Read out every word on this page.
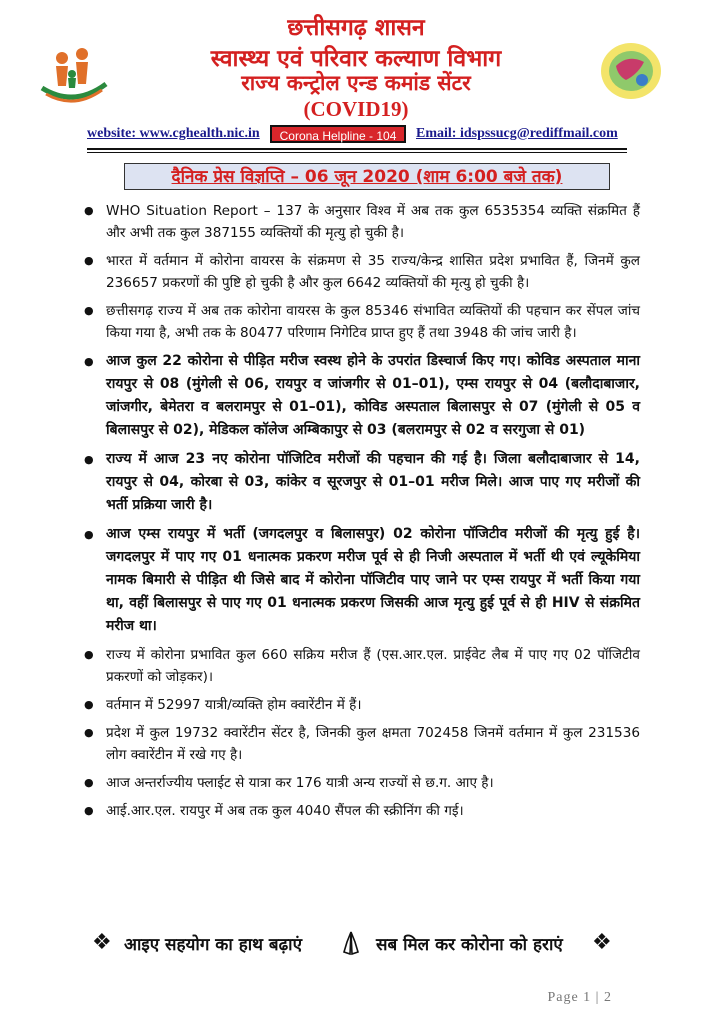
छत्तीसगढ़ शासन
स्वास्थ्य एवं परिवार कल्याण विभाग
राज्य कन्ट्रोल एन्ड कमांड सेंटर
(COVID19)
website: www.cghealth.nic.in	Corona Helpline - 104	Email: idspssucg@rediffmail.com
दैनिक प्रेस विज्ञप्ति – 06 जून 2020 (शाम 6:00 बजे तक)
● WHO Situation Report – 137 के अनुसार विश्व में अब तक कुल 6535354 व्यक्ति संक्रमित हैं और अभी तक कुल 387155 व्यक्तियों की मृत्यु हो चुकी है।
● भारत में वर्तमान में कोरोना वायरस के संक्रमण से 35 राज्य/केन्द्र शासित प्रदेश प्रभावित हैं, जिनमें कुल 236657 प्रकरणों की पुष्टि हो चुकी है और कुल 6642 व्यक्तियों की मृत्यु हो चुकी है।
● छत्तीसगढ़ राज्य में अब तक कोरोना वायरस के कुल 85346 संभावित व्यक्तियों की पहचान कर सेंपल जांच किया गया है, अभी तक के 80477 परिणाम निगेटिव प्राप्त हुए हैं तथा 3948 की जांच जारी है।
● आज कुल 22 कोरोना से पीड़ित मरीज स्वस्थ होने के उपरांत डिस्चार्ज किए गए। कोविड अस्पताल माना रायपुर से 08 (मुंगेली से 06, रायपुर व जांजगीर से 01–01), एम्स रायपुर से 04 (बलौदाबाजार, जांजगीर, बेमेतरा व बलरामपुर से 01–01), कोविड अस्पताल बिलासपुर से 07 (मुंगेली से 05 व बिलासपुर से 02), मेडिकल कॉलेज अम्बिकापुर से 03 (बलरामपुर से 02 व सरगुजा से 01)
● राज्य में आज 23 नए कोरोना पॉजिटिव मरीजों की पहचान की गई है। जिला बलौदाबाजार से 14, रायपुर से 04, कोरबा से 03, कांकेर व सूरजपुर से 01–01 मरीज मिले। आज पाए गए मरीजों की भर्ती प्रक्रिया जारी है।
● आज एम्स रायपुर में भर्ती (जगदलपुर व बिलासपुर) 02 कोरोना पॉजिटीव मरीजों की मृत्यु हुई है। जगदलपुर में पाए गए 01 धनात्मक प्रकरण मरीज पूर्व से ही निजी अस्पताल में भर्ती थी एवं ल्यूकेमिया नामक बिमारी से पीड़ित थी जिसे बाद में कोरोना पॉजिटीव पाए जाने पर एम्स रायपुर में भर्ती किया गया था, वहीं बिलासपुर से पाए गए 01 धनात्मक प्रकरण जिसकी आज मृत्यु हुई पूर्व से ही HIV से संक्रमित मरीज था।
● राज्य में कोरोना प्रभावित कुल 660 सक्रिय मरीज हैं (एस.आर.एल. प्राईवेट लैब में पाए गए 02 पॉजिटीव प्रकरणों को जोड़कर)।
● वर्तमान में 52997 यात्री/व्यक्ति होम क्वारेंटीन में हैं।
● प्रदेश में कुल 19732 क्वारेंटीन सेंटर है, जिनकी कुल क्षमता 702458 जिनमें वर्तमान में कुल 231536 लोग क्वारेंटीन में रखे गए है।
● आज अन्तर्राज्यीय फ्लाईट से यात्रा कर 176 यात्री अन्य राज्यों से छ.ग. आए है।
● आई.आर.एल. रायपुर में अब तक कुल 4040 सैंपल की स्क्रीनिंग की गई।
❖ आइए सहयोग का हाथ बढ़ाएं	सब मिल कर कोरोना को हराएं ❖
Page 1 | 2
